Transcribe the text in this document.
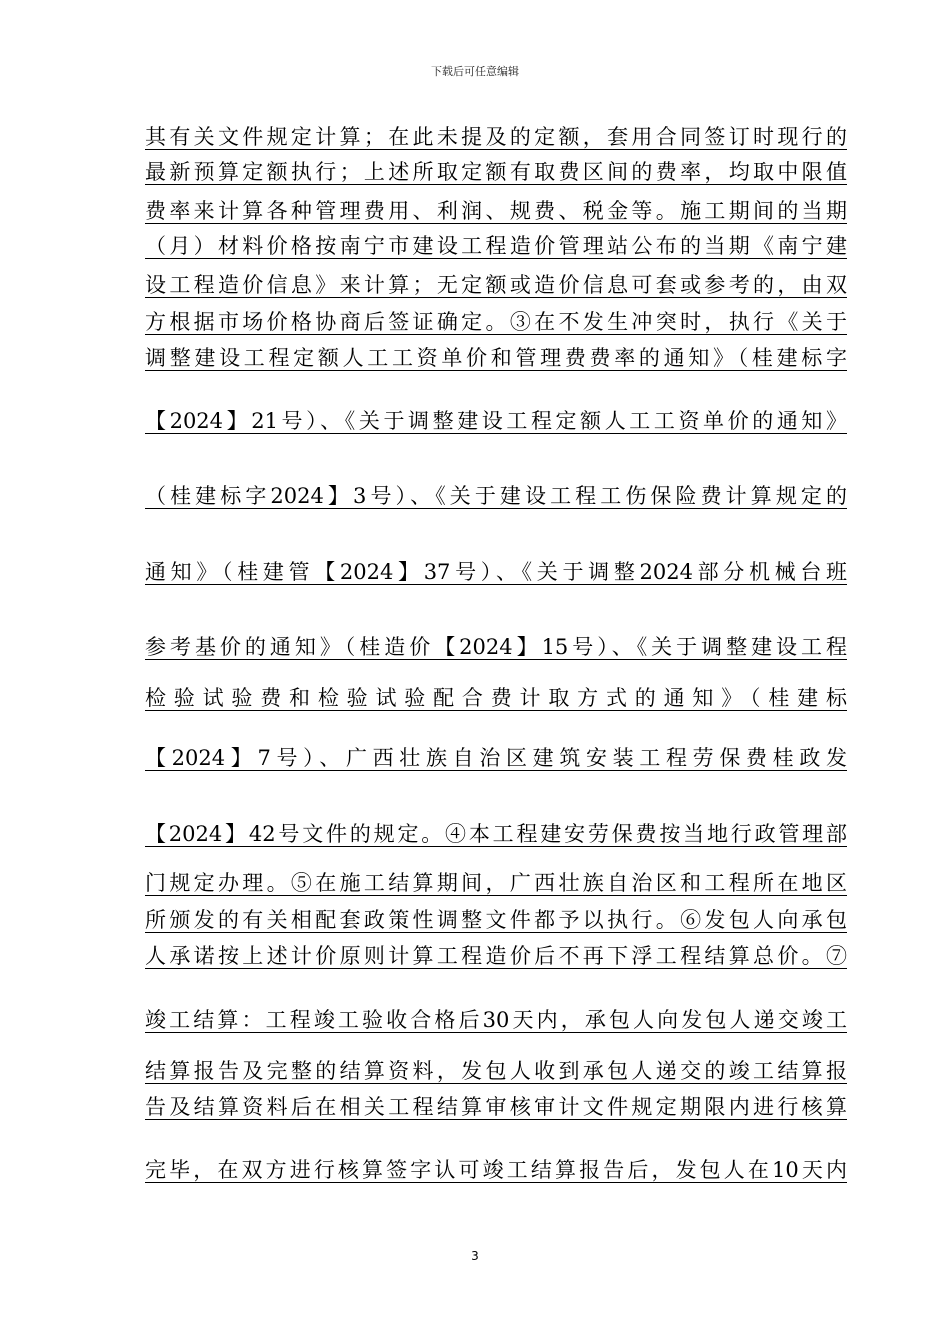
下载后可任意编辑
其有关文件规定计算；在此未提及的定额，套用合同签订时现行的
最新预算定额执行；上述所取定额有取费区间的费率，均取中限值
费率来计算各种管理费用、利润、规费、税金等。施工期间的当期
（月）材料价格按南宁市建设工程造价管理站公布的当期《南宁建
设工程造价信息》来计算；无定额或造价信息可套或参考的，由双
方根据市场价格协商后签证确定。③在不发生冲突时，执行《关于
调整建设工程定额人工工资单价和管理费费率的通知》（桂建标字
【2024】21号）、《关于调整建设工程定额人工工资单价的通知》
（桂建标字2024】3号）、《关于建设工程工伤保险费计算规定的
通知》（桂建管【2024】37号）、《关于调整2024部分机械台班
参考基价的通知》（桂造价【2024】15号）、《关于调整建设工程
检验试验费和检验试验配合费计取方式的通知》（桂建标
【2024】7号）、广西壮族自治区建筑安装工程劳保费桂政发
【2024】42号文件的规定。④本工程建安劳保费按当地行政管理部
门规定办理。⑤在施工结算期间，广西壮族自治区和工程所在地区
所颁发的有关相配套政策性调整文件都予以执行。⑥发包人向承包
人承诺按上述计价原则计算工程造价后不再下浮工程结算总价。⑦
竣工结算：工程竣工验收合格后30天内，承包人向发包人递交竣工
结算报告及完整的结算资料，发包人收到承包人递交的竣工结算报
告及结算资料后在相关工程结算审核审计文件规定期限内进行核算
完毕，在双方进行核算签字认可竣工结算报告后，发包人在10天内
3
